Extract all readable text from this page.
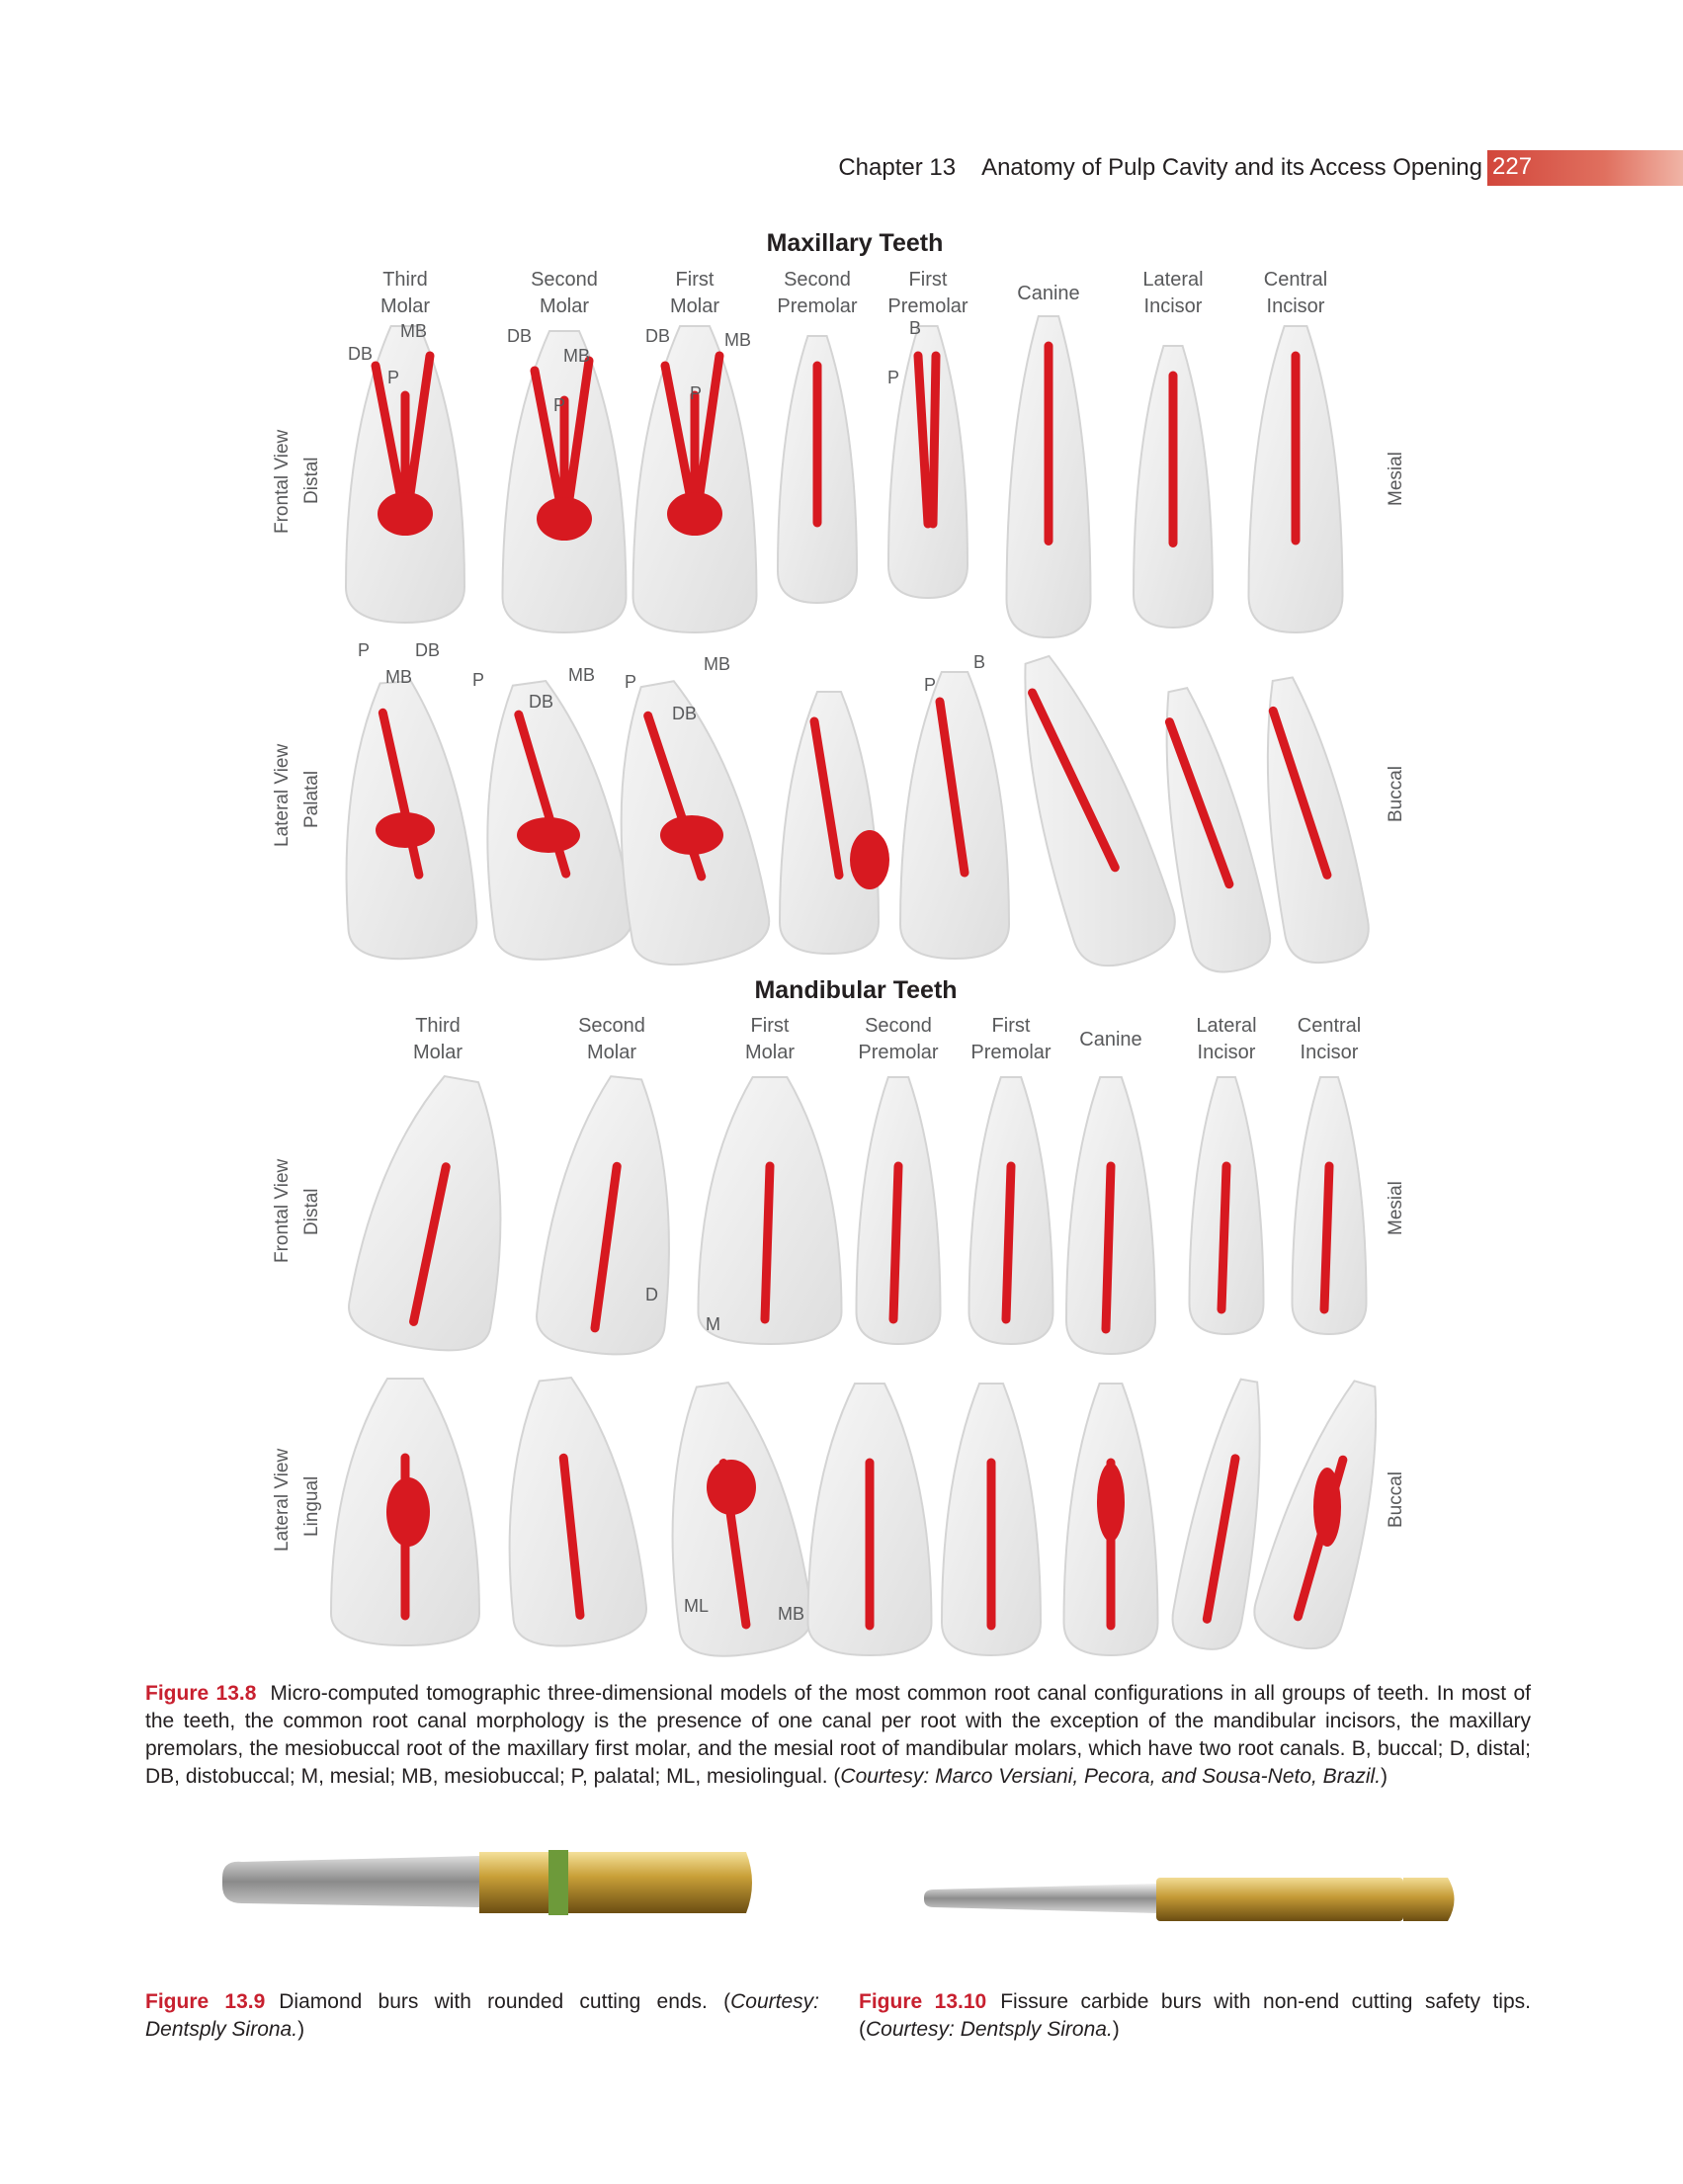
Chapter 13 Anatomy of Pulp Cavity and its Access Opening 227
Maxillary Teeth
Third
Molar
Second
Molar
First
Molar
Second
Premolar
First
Premolar
Canine
Lateral
Incisor
Central
Incisor
Frontal View Distal	Mesial
Lateral View Palatal	Buccal
DB
MB
P
DB
MB
P
DB	MB
P
B
P
P	DB
MB	P	MB
DB
P
MB
DB
B
P
Mandibular Teeth
Third
Molar
Second
Molar
First
Molar
Second
Premolar
First
Premolar
Canine
Lateral
Incisor
Central
Incisor
Frontal View Distal	Mesial
Lateral View Lingual	Buccal
D
M
ML	MB
Figure 13.8 Micro-computed tomographic three-dimensional models of the most common root canal configurations in all groups of teeth. In most of the teeth, the common root canal morphology is the presence of one canal per root with the exception of the mandibular incisors, the maxillary premolars, the mesiobuccal root of the maxillary first molar, and the mesial root of mandibular molars, which have two root canals. B, buccal; D, distal; DB, distobuccal; M, mesial; MB, mesiobuccal; P, palatal; ML, mesiolingual. (Courtesy: Marco Versiani, Pecora, and Sousa-Neto, Brazil.)
Figure 13.9 Diamond burs with rounded cutting ends. (Courtesy: Dentsply Sirona.)
Figure 13.10 Fissure carbide burs with non-end cutting safety tips. (Courtesy: Dentsply Sirona.)
